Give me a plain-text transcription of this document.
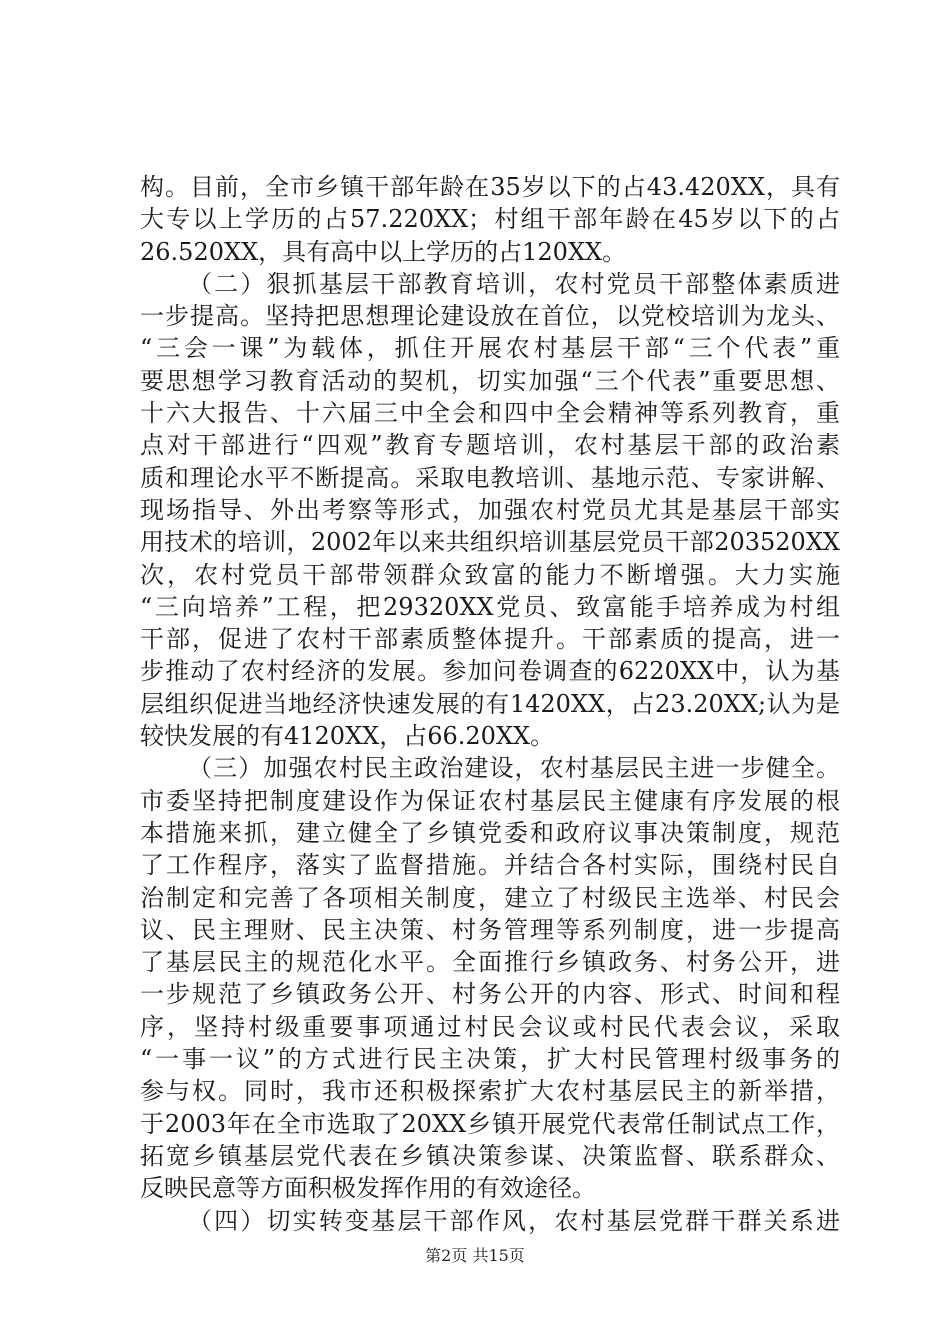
构。目前，全市乡镇干部年龄在35岁以下的占43.420XX，具有
大专以上学历的占57.220XX；村组干部年龄在45岁以下的占
26.520XX，具有高中以上学历的占120XX。
（二）狠抓基层干部教育培训，农村党员干部整体素质进
一步提高。坚持把思想理论建设放在首位，以党校培训为龙头、
“三会一课”为载体，抓住开展农村基层干部“三个代表”重
要思想学习教育活动的契机，切实加强“三个代表”重要思想、
十六大报告、十六届三中全会和四中全会精神等系列教育，重
点对干部进行“四观”教育专题培训，农村基层干部的政治素
质和理论水平不断提高。采取电教培训、基地示范、专家讲解、
现场指导、外出考察等形式，加强农村党员尤其是基层干部实
用技术的培训，2002年以来共组织培训基层党员干部203520XX
次，农村党员干部带领群众致富的能力不断增强。大力实施
“三向培养”工程，把29320XX党员、致富能手培养成为村组
干部，促进了农村干部素质整体提升。干部素质的提高，进一
步推动了农村经济的发展。参加问卷调查的6220XX中，认为基
层组织促进当地经济快速发展的有1420XX，占23.20XX;认为是
较快发展的有4120XX，占66.20XX。
（三）加强农村民主政治建设，农村基层民主进一步健全。
市委坚持把制度建设作为保证农村基层民主健康有序发展的根
本措施来抓，建立健全了乡镇党委和政府议事决策制度，规范
了工作程序，落实了监督措施。并结合各村实际，围绕村民自
治制定和完善了各项相关制度，建立了村级民主选举、村民会
议、民主理财、民主决策、村务管理等系列制度，进一步提高
了基层民主的规范化水平。全面推行乡镇政务、村务公开，进
一步规范了乡镇政务公开、村务公开的内容、形式、时间和程
序，坚持村级重要事项通过村民会议或村民代表会议，采取
“一事一议”的方式进行民主决策，扩大村民管理村级事务的
参与权。同时，我市还积极探索扩大农村基层民主的新举措，
于2003年在全市选取了20XX乡镇开展党代表常任制试点工作，
拓宽乡镇基层党代表在乡镇决策参谋、决策监督、联系群众、
反映民意等方面积极发挥作用的有效途径。
（四）切实转变基层干部作风，农村基层党群干群关系进
第2页 共15页
